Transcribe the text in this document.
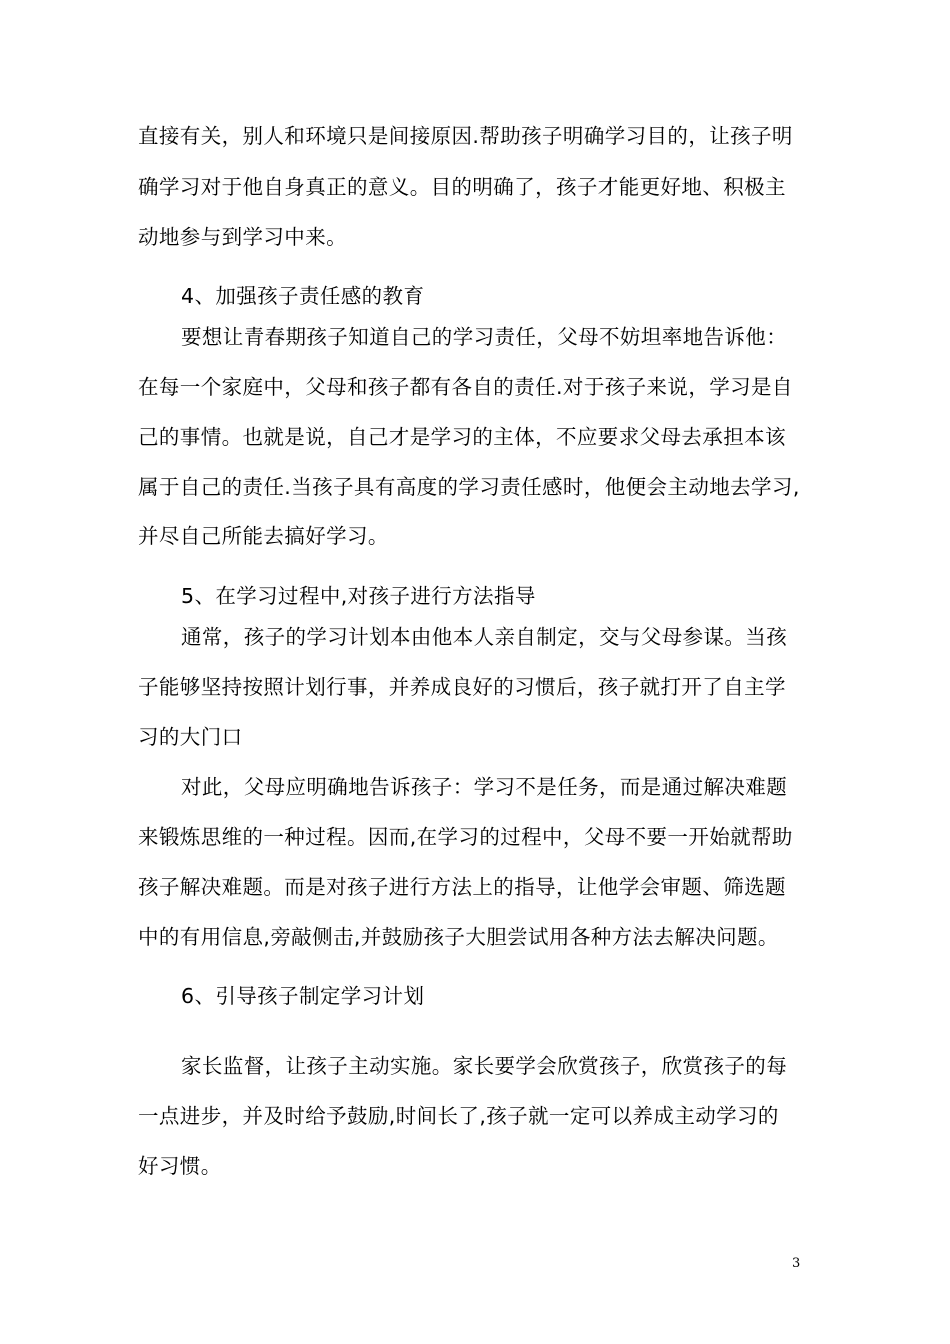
直接有关，别人和环境只是间接原因.帮助孩子明确学习目的，让孩子明
确学习对于他自身真正的意义。目的明确了，孩子才能更好地、积极主
动地参与到学习中来。
4、加强孩子责任感的教育
要想让青春期孩子知道自己的学习责任，父母不妨坦率地告诉他：
在每一个家庭中，父母和孩子都有各自的责任.对于孩子来说，学习是自
己的事情。也就是说，自己才是学习的主体，不应要求父母去承担本该
属于自己的责任.当孩子具有高度的学习责任感时，他便会主动地去学习,
并尽自己所能去搞好学习。
5、在学习过程中,对孩子进行方法指导
通常，孩子的学习计划本由他本人亲自制定，交与父母参谋。当孩
子能够坚持按照计划行事，并养成良好的习惯后，孩子就打开了自主学
习的大门口
对此，父母应明确地告诉孩子：学习不是任务，而是通过解决难题
来锻炼思维的一种过程。因而,在学习的过程中，父母不要一开始就帮助
孩子解决难题。而是对孩子进行方法上的指导，让他学会审题、筛选题
中的有用信息,旁敲侧击,并鼓励孩子大胆尝试用各种方法去解决问题。
6、引导孩子制定学习计划
家长监督，让孩子主动实施。家长要学会欣赏孩子，欣赏孩子的每
一点进步，并及时给予鼓励,时间长了,孩子就一定可以养成主动学习的
好习惯。
3
